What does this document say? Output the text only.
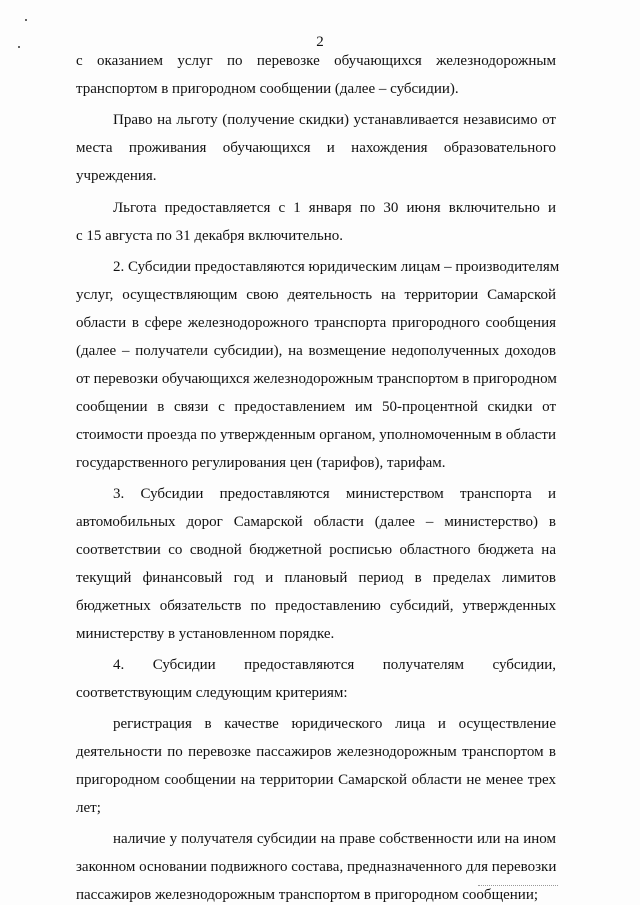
2
с оказанием услуг по перевозке обучающихся железнодорожным
транспортом в пригородном сообщении (далее – субсидии).
Право на льготу (получение скидки) устанавливается независимо от
места проживания обучающихся и нахождения образовательного
учреждения.
Льгота предоставляется с 1 января по 30 июня включительно и
с 15 августа по 31 декабря включительно.
2. Субсидии предоставляются юридическим лицам – производителям
услуг, осуществляющим свою деятельность на территории Самарской
области в сфере железнодорожного транспорта пригородного сообщения
(далее – получатели субсидии), на возмещение недополученных доходов
от перевозки обучающихся железнодорожным транспортом в пригородном
сообщении в связи с предоставлением им 50-процентной скидки от
стоимости проезда по утвержденным органом, уполномоченным в области
государственного регулирования цен (тарифов), тарифам.
3. Субсидии предоставляются министерством транспорта и
автомобильных дорог Самарской области (далее – министерство) в
соответствии со сводной бюджетной росписью областного бюджета на
текущий финансовый год и плановый период в пределах лимитов
бюджетных обязательств по предоставлению субсидий, утвержденных
министерству в установленном порядке.
4. Субсидии предоставляются получателям субсидии,
соответствующим следующим критериям:
регистрация в качестве юридического лица и осуществление
деятельности по перевозке пассажиров железнодорожным транспортом в
пригородном сообщении на территории Самарской области не менее трех
лет;
наличие у получателя субсидии на праве собственности или на ином
законном основании подвижного состава, предназначенного для перевозки
пассажиров железнодорожным транспортом в пригородном сообщении;
